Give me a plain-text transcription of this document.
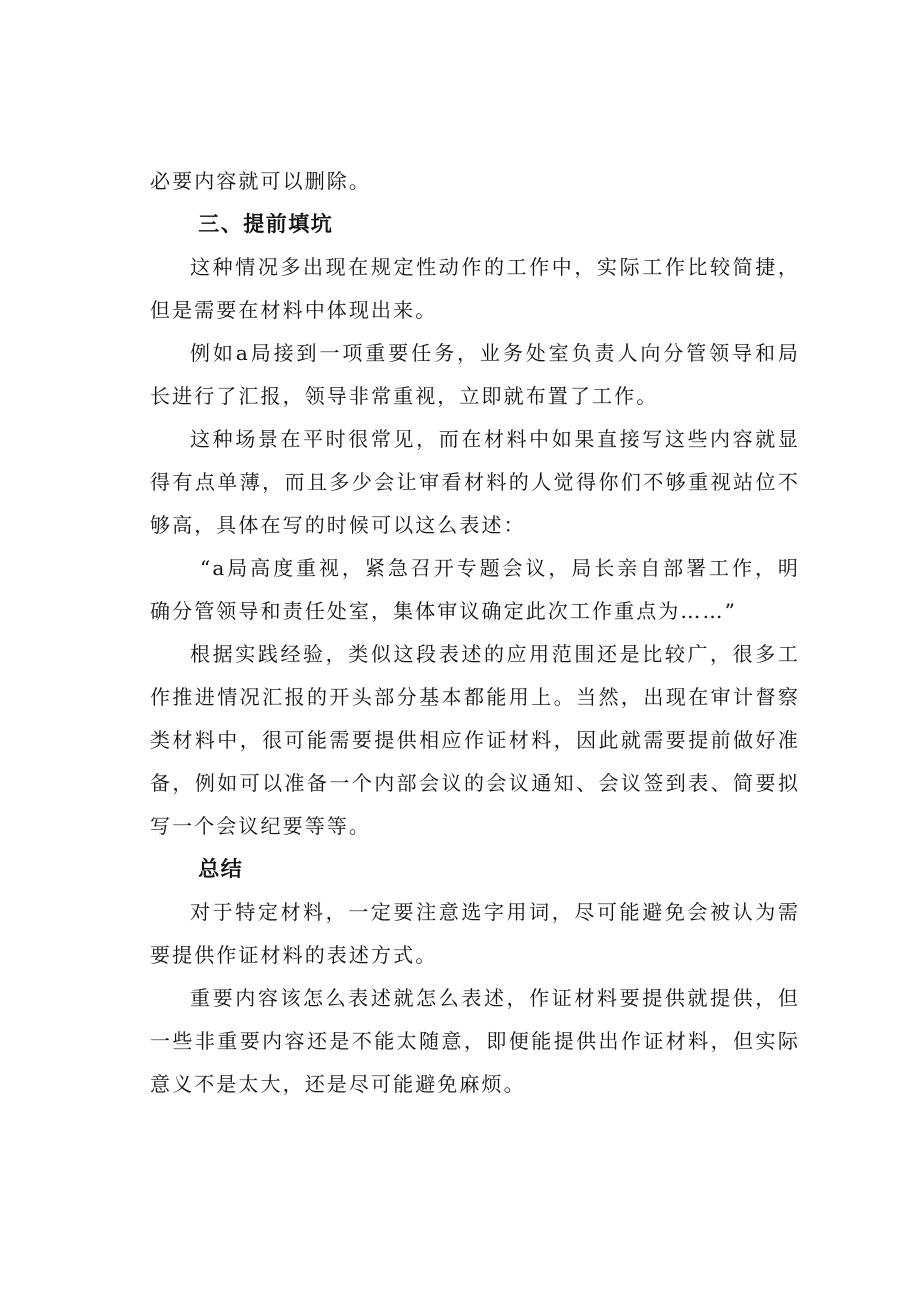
必要内容就可以删除。

三、提前填坑

这种情况多出现在规定性动作的工作中，实际工作比较简捷，但是需要在材料中体现出来。

例如a局接到一项重要任务，业务处室负责人向分管领导和局长进行了汇报，领导非常重视，立即就布置了工作。

这种场景在平时很常见，而在材料中如果直接写这些内容就显得有点单薄，而且多少会让审看材料的人觉得你们不够重视站位不够高，具体在写的时候可以这么表述：

“a局高度重视，紧急召开专题会议，局长亲自部署工作，明确分管领导和责任处室，集体审议确定此次工作重点为……”

根据实践经验，类似这段表述的应用范围还是比较广，很多工作推进情况汇报的开头部分基本都能用上。当然，出现在审计督察类材料中，很可能需要提供相应作证材料，因此就需要提前做好准备，例如可以准备一个内部会议的会议通知、会议签到表、简要拟写一个会议纪要等等。

总结

对于特定材料，一定要注意选字用词，尽可能避免会被认为需要提供作证材料的表述方式。

重要内容该怎么表述就怎么表述，作证材料要提供就提供，但一些非重要内容还是不能太随意，即便能提供出作证材料，但实际意义不是太大，还是尽可能避免麻烦。
